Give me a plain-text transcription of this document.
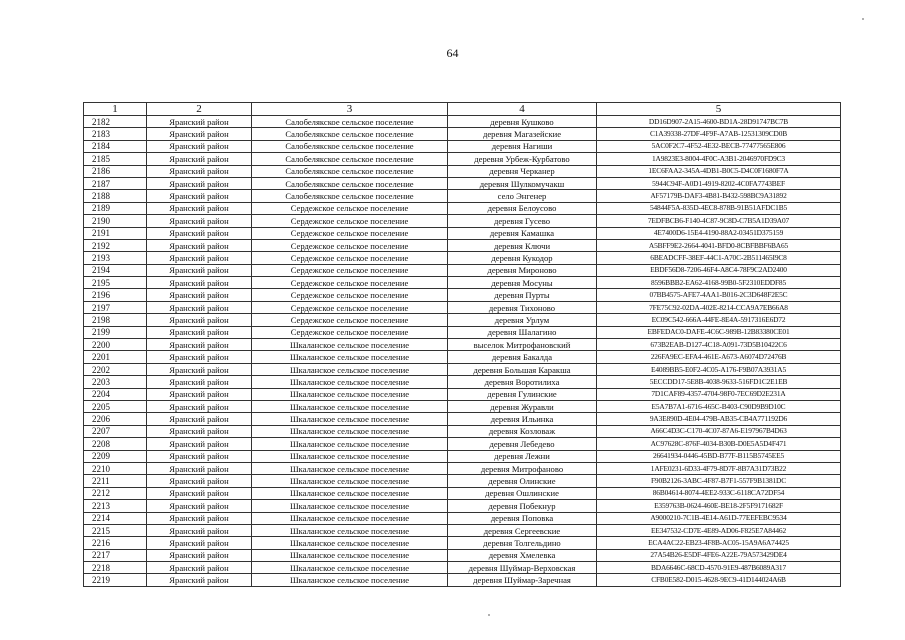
64
1	2	3	4	5
2182	Яранский район	Салобелякское сельское поселение	деревня Кушково	DD16D907-2A15-4600-BD1A-28D91747BC7B
2183	Яранский район	Салобелякское сельское поселение	деревня Магазейские	C1A39338-27DF-4F9F-A7AB-12531309CD0B
2184	Яранский район	Салобелякское сельское поселение	деревня Нагиши	5AC0F2C7-4F52-4E32-BECB-77477565E806
2185	Яранский район	Салобелякское сельское поселение	деревня Урбеж-Курбатово	1A9823E3-8004-4F0C-A3B1-2046970FD9C3
2186	Яранский район	Салобелякское сельское поселение	деревня Черканер	1EC6FAA2-345A-4DB1-B0C5-D4C0F1680F7A
2187	Яранский район	Салобелякское сельское поселение	деревня Шулкомучакш	5944C94F-A0D1-4919-8202-4C0FA7743BEF
2188	Яранский район	Салобелякское сельское поселение	село Энгенер	AF57179B-DAF3-4B81-B432-598BC9A31892
2189	Яранский район	Сердежское сельское поселение	деревня Белоусово	54844F5A-835D-4EC8-878B-91B51AFDC1B5
2190	Яранский район	Сердежское сельское поселение	деревня Гусево	7EDFBCB6-F140-4C87-9C8D-C7B5A1D39A07
2191	Яранский район	Сердежское сельское поселение	деревня Камашка	4E7400D6-15E4-4190-88A2-03451D375159
2192	Яранский район	Сердежское сельское поселение	деревня Ключи	A5BFF9E2-2664-4041-BFD0-8CBFBBF6BA65
2193	Яранский район	Сердежское сельское поселение	деревня Кукодор	6BEADCFF-38EF-44C1-A70C-2B511465I9C8
2194	Яранский район	Сердежское сельское поселение	деревня Мироново	EBDF56D8-7206-46F4-A8C4-78F9C2AD2400
2195	Яранский район	Сердежское сельское поселение	деревня Мосуны	8596BBB2-EA62-4168-99B0-5F2310EDDF85
2196	Яранский район	Сердежское сельское поселение	деревня Пурты	07BB4575-AFE7-4AA1-B016-2C3D648F2E5C
2197	Яранский район	Сердежское сельское поселение	деревня Тихоново	7FE75C92-02DA-402E-8214-CCA9A7EB66A8
2198	Яранский район	Сердежское сельское поселение	деревня Урлум	EC09C542-666A-44FE-8E4A-5917316E6D72
2199	Яранский район	Сердежское сельское поселение	деревня Шалагино	EBFEDAC0-DAFE-4C6C-989B-12B83380CE01
2200	Яранский район	Шкаланское сельское поселение	выселок Митрофановский	673B2EAB-D127-4C18-A091-73D5B10422C6
2201	Яранский район	Шкаланское сельское поселение	деревня Бакалда	226FA9EC-EFA4-461E-A673-A6074D72476B
2202	Яранский район	Шкаланское сельское поселение	деревня Большая Каракша	E4089BB5-E0F2-4C05-A176-F9B07A3931A5
2203	Яранский район	Шкаланское сельское поселение	деревня Воротилиха	5ECCDD17-5E8B-4038-9633-516FD1C2E1EB
2204	Яранский район	Шкаланское сельское поселение	деревня Гулинские	7D1CAF89-4357-4704-98F0-7EC69D2E231A
2205	Яранский район	Шкаланское сельское поселение	деревня Журавли	E5A7B7A1-6716-465C-B403-C90D9B9D10C
2206	Яранский район	Шкаланское сельское поселение	деревня Ильинка	9A3E890D-4E04-479B-AB35-CB4A771192D6
2207	Яранский район	Шкаланское сельское поселение	деревня Козловаж	A66C4D3C-C170-4C07-87A6-E197967B4D63
2208	Яранский район	Шкаланское сельское поселение	деревня Лебедево	AC97628C-876F-4034-B30B-D0E5A5D4F471
2209	Яранский район	Шкаланское сельское поселение	деревня Лежни	26641934-0446-45BD-B77F-B115B5745EE5
2210	Яранский район	Шкаланское сельское поселение	деревня Митрофаново	1AFE0231-6D33-4F79-8D7F-8B7A31D73B22
2211	Яранский район	Шкаланское сельское поселение	деревня Олинские	F90B2126-3ABC-4F87-B7F1-557F9B1381DC
2212	Яранский район	Шкаланское сельское поселение	деревня Ошлинские	86B04614-8074-4EE2-933C-6118CA72DF54
2213	Яранский район	Шкаланское сельское поселение	деревня Побекнур	E359763B-0624-460E-BE18-2F5F9171682F
2214	Яранский район	Шкаланское сельское поселение	деревня Поповка	A9000210-7C1B-4E14-A61D-77EEFEBC9534
2215	Яранский район	Шкаланское сельское поселение	деревня Сергеевские	EE347532-CD7E-4E89-AD06-F825E7A84462
2216	Яранский район	Шкаланское сельское поселение	деревня Толгельдино	ECA4AC22-EB23-4F8B-AC05-15A9A6A74425
2217	Яранский район	Шкаланское сельское поселение	деревня Хмелевка	27A54B26-E5DF-4FE6-A22E-79A573429DE4
2218	Яранский район	Шкаланское сельское поселение	деревня Шуймар-Верховская	BDA6646C-68CD-4570-91E9-487B6089A317
2219	Яранский район	Шкаланское сельское поселение	деревня Шуймар-Заречная	CFB0E582-D015-4628-9EC9-41D144024A6B
